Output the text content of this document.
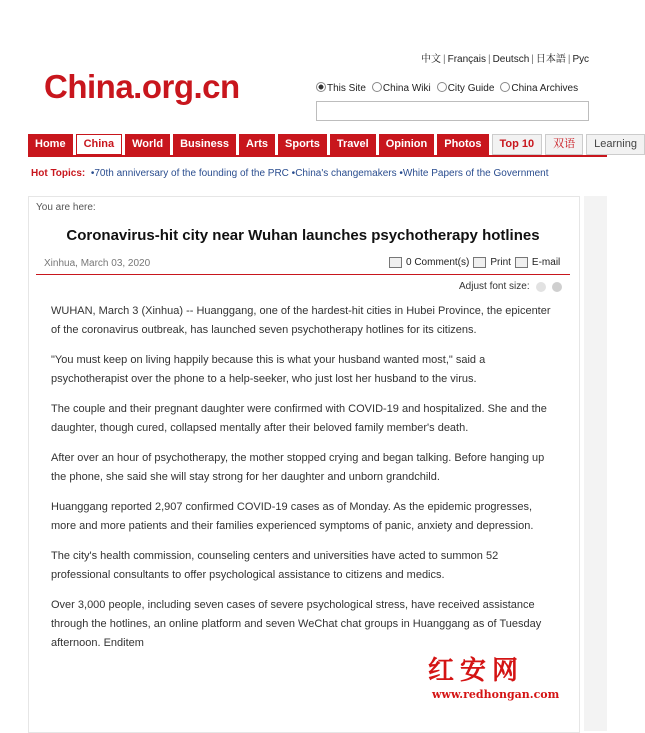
中文 | Français | Deutsch | 日本語 | Рус
China.org.cn	This Site	China Wiki	City Guide	China Archives
Home	China	World	Business	Arts	Sports	Travel	Opinion	Photos	Top 10	双语	Learning
Hot Topics:  •70th anniversary of the founding of the PRC •China's changemakers •White Papers of the Government
You are here:
Coronavirus-hit city near Wuhan launches psychotherapy hotlines
Xinhua, March 03, 2020	0 Comment(s) Print E-mail
Adjust font size:

WUHAN, March 3 (Xinhua) -- Huanggang, one of the hardest-hit cities in Hubei Province, the epicenter of the coronavirus outbreak, has launched seven psychotherapy hotlines for its citizens.

"You must keep on living happily because this is what your husband wanted most," said a psychotherapist over the phone to a help-seeker, who just lost her husband to the virus.

The couple and their pregnant daughter were confirmed with COVID-19 and hospitalized. She and the daughter, though cured, collapsed mentally after their beloved family member's death.

After over an hour of psychotherapy, the mother stopped crying and began talking. Before hanging up the phone, she said she will stay strong for her daughter and unborn grandchild.

Huanggang reported 2,907 confirmed COVID-19 cases as of Monday. As the epidemic progresses, more and more patients and their families experienced symptoms of panic, anxiety and depression.

The city's health commission, counseling centers and universities have acted to summon 52 professional consultants to offer psychological assistance to citizens and medics.

Over 3,000 people, including seven cases of severe psychological stress, have received assistance through the hotlines, an online platform and seven WeChat chat groups in Huanggang as of Tuesday afternoon. Enditem

红安网
www.redhongan.com
